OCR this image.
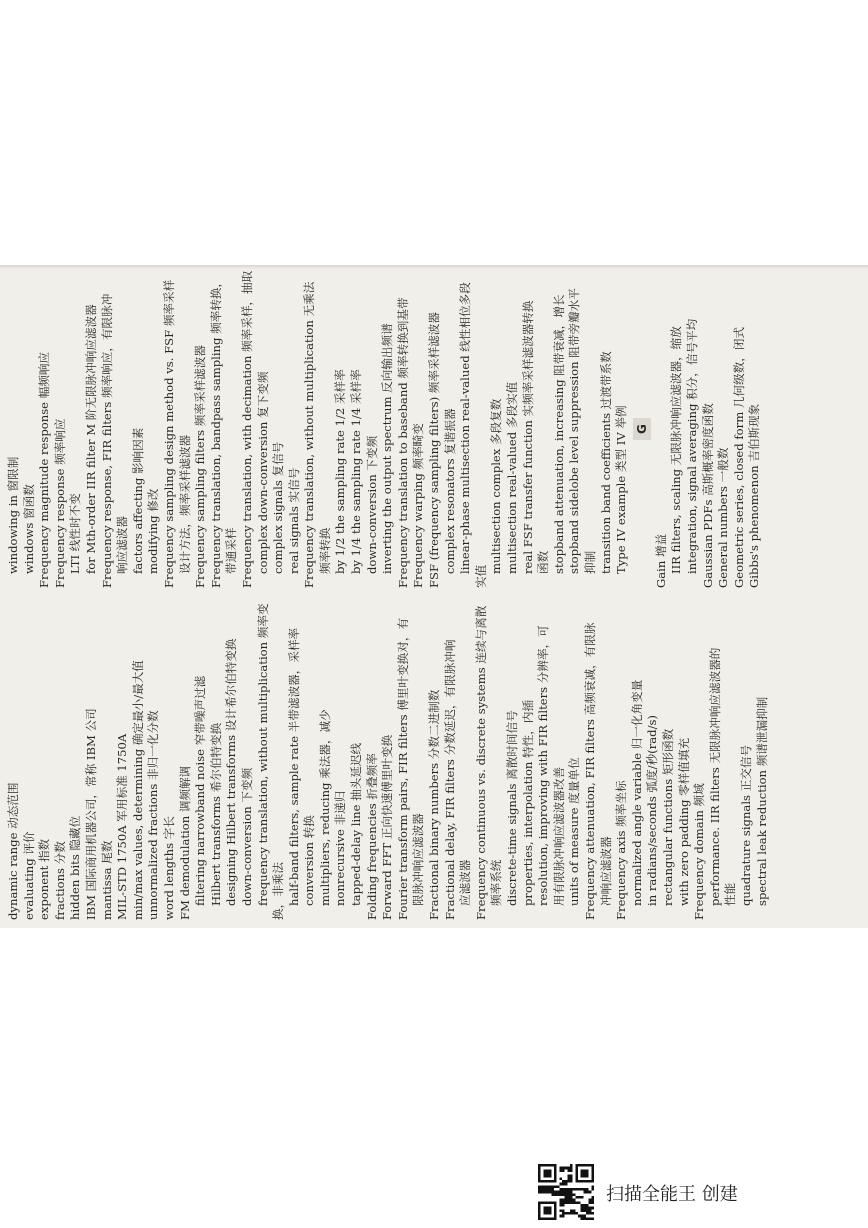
dynamic range 动态范围 evaluating 评价 exponent 指数 fractions 分数 hidden bits 隐藏位 IBM 国际商用机器公司，常称 IBM 公司 mantissa 尾数 MIL-STD 1750A 军用标准 1750A min/max values, determining 确定最小/最大值 unnormalized fractions 非归一化分数 word lengths 字长 FM demodulation 调频解调 filtering narrowband noise 窄带噪声过滤 Hilbert transforms 希尔伯特变换 designing Hilbert transforms 设计希尔伯特变换 down-conversion 下变频 frequency translation, without multiplication 频率变 换，非乘法 half-band filters, sample rate 半带滤波器，采样率 conversion 转换 multipliers, reducing 乘法器，减少 nonrecursive 非递归 tapped-delay line 抽头延迟线 Folding frequencies 折叠频率 Forward FFT 正向快速傅里叶变换 Fourier transform pairs, FIR filters 傅里叶变换对，有 限脉冲响应滤波器 Fractional binary numbers 分数二进制数 Fractional delay, FIR filters 分数延迟，有限脉冲响 应滤波器 Frequency continuous vs. discrete systems 连续与离散 频率系统 discrete-time signals 离散时间信号 properties, interpolation 特性，内插 resolution, improving with FIR filters 分辨率，可 用有限脉冲响应滤波器改善 units of measure 度量单位 Frequency attenuation, FIR filters 高频衰减，有限脉 冲响应滤波器 Frequency axis 频率坐标 normalized angle variable 归一化角变量 in radians/seconds 弧度/秒(rad/s) rectangular functions 矩形函数 with zero padding 零样值填充 Frequency domain 频域 performance. IIR filters 无限脉冲响应滤波器的 性能 quadrature signals 正交信号 spectral leak reduction 频谱泄漏抑制
windowing in 窗限制 windows 窗函数 Frequency magnitude response 幅频响应 Frequency response 频率响应 LTI 线性时不变 for Mth-order IIR filter M 阶无限脉冲响应滤波器 Frequency response, FIR filters 频率响应，有限脉冲 响应滤波器 factors affecting 影响因素 modifying 修改 Frequency sampling design method vs. FSF 频率采样 设计方法，频率采样滤波器 Frequency sampling filters 频率采样滤波器 Frequency translation, bandpass sampling 频率转换， 带通采样 Frequency translation, with decimation 频率采样，抽取 complex down-conversion 复下变频 complex signals 复信号 real signals 实信号 Frequency translation, without multiplication 无乘法 频率转换 by 1/2 the sampling rate 1/2 采样率 by 1/4 the sampling rate 1/4 采样率 down-conversion 下变频 inverting the output spectrum 反向输出频谱 Frequency translation to baseband 频率转换到基带 Frequency warping 频率畸变 FSF (frequency sampling filters) 频率采样滤波器 complex resonators 复谐振器 linear-phase multisection real-valued 线性相位多段
实值
multisection complex 多段复数 multisection real-valued 多段实值 real FSF transfer function 实频率采样滤波器转换 函数 stopband attenuation, increasing 阻带衰减，增长 stopband sidelobe level suppression 阻带旁瓣水平 抑制 transition band coefficients 过渡带系数 Type IV example 类型 IV 举例 G
Gain 增益 IIR filters, scaling 无限脉冲响应滤波器，缩放 integration, signal averaging 积分，信号平均 Gaussian PDFs 高斯概率密度函数 General numbers 一般数 Geometric series, closed form 几何级数，闭式 Gibbs's phenomenon 吉伯斯现象
扫描全能王 创建
